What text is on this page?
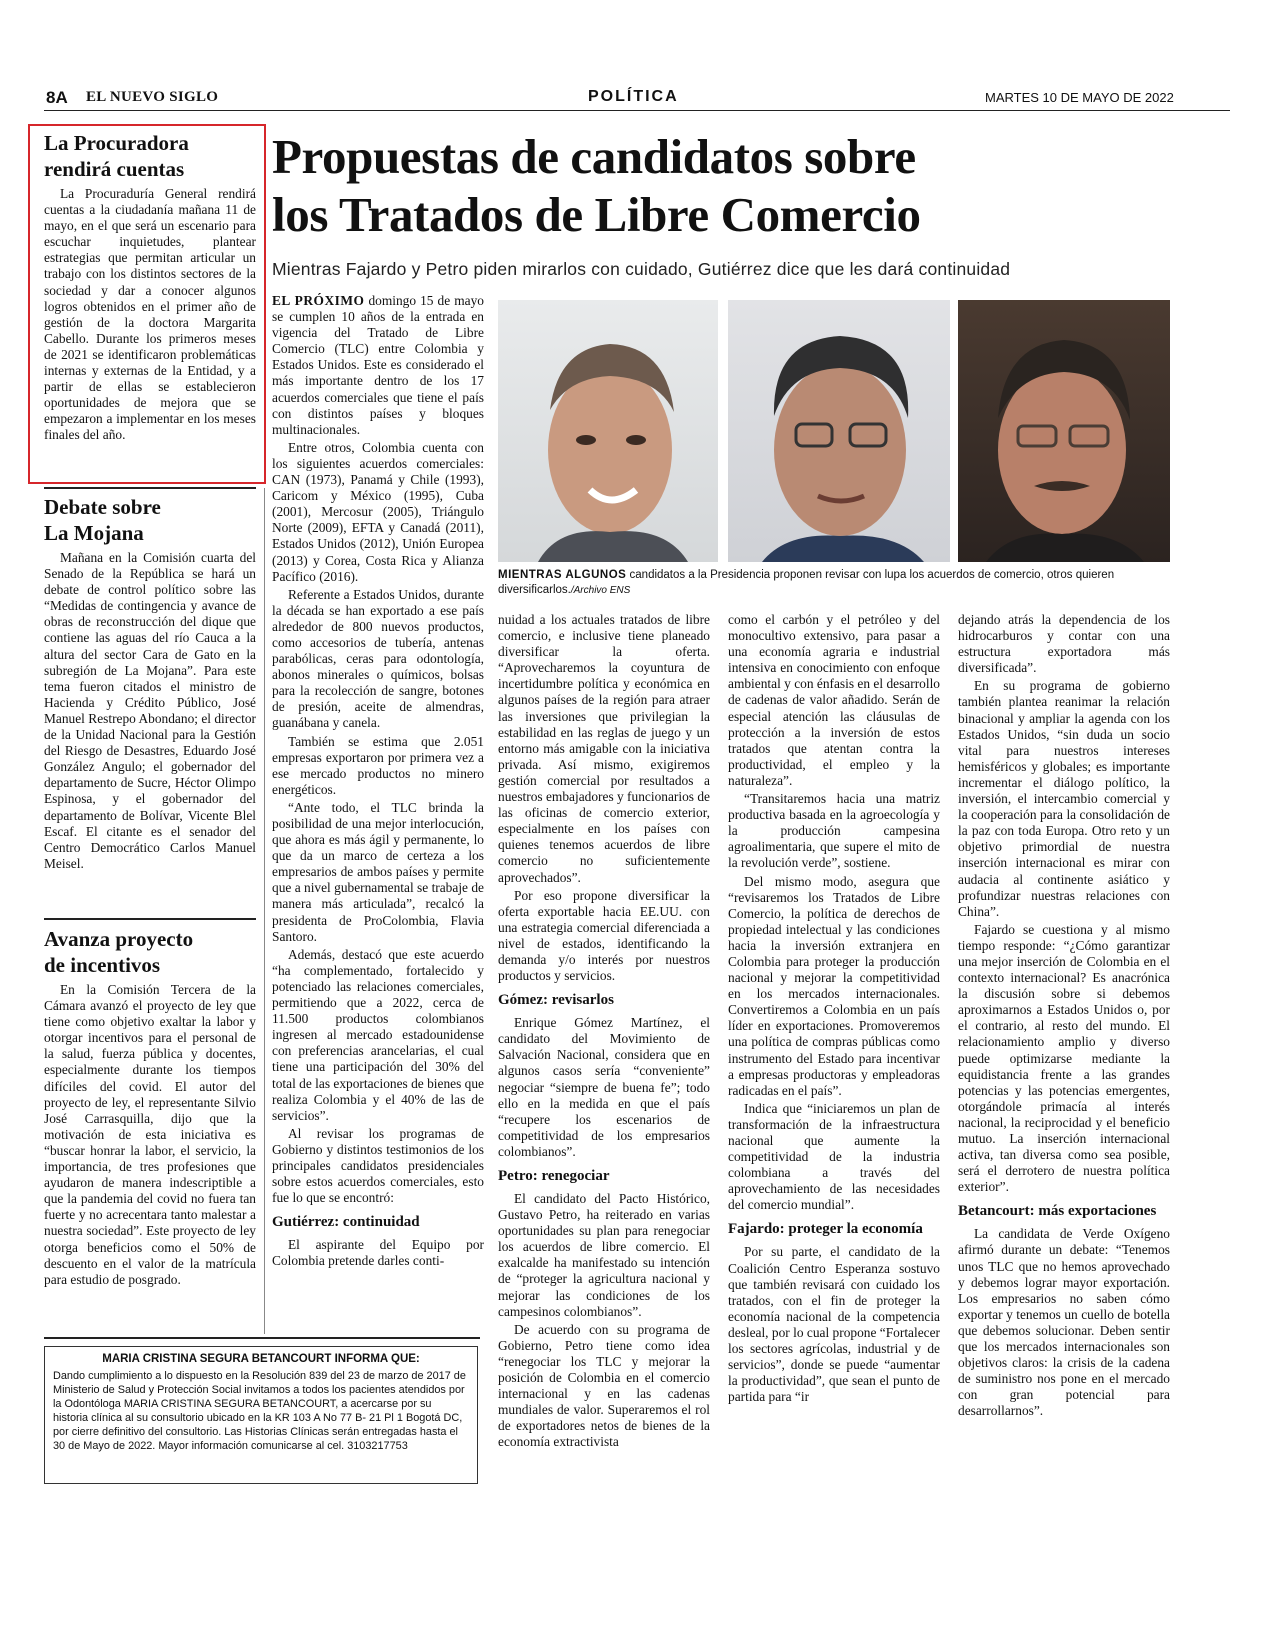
8A EL NUEVO SIGLO	POLÍTICA	MARTES 10 DE MAYO DE 2022
La Procuradora
rendirá cuentas

La Procuraduría General rendirá cuentas a la ciudadanía mañana 11 de mayo, en el que será un escenario para escuchar inquietudes, plantear estrategias que permitan articular un trabajo con los distintos sectores de la sociedad y dar a conocer algunos logros obtenidos en el primer año de gestión de la doctora Margarita Cabello. Durante los primeros meses de 2021 se identificaron problemáticas internas y externas de la Entidad, y a partir de ellas se establecieron oportunidades de mejora que se empezaron a implementar en los meses finales del año.

Debate sobre
La Mojana

Mañana en la Comisión cuarta del Senado de la República se hará un debate de control político sobre las “Medidas de contingencia y avance de obras de reconstrucción del dique que contiene las aguas del río Cauca a la altura del sector Cara de Gato en la subregión de La Mojana”. Para este tema fueron citados el ministro de Hacienda y Crédito Público, José Manuel Restrepo Abondano; el director de la Unidad Nacional para la Gestión del Riesgo de Desastres, Eduardo José González Angulo; el gobernador del departamento de Sucre, Héctor Olimpo Espinosa, y el gobernador del departamento de Bolívar, Vicente Blel Escaf. El citante es el senador del Centro Democrático Carlos Manuel Meisel.

Avanza proyecto
de incentivos

En la Comisión Tercera de la Cámara avanzó el proyecto de ley que tiene como objetivo exaltar la labor y otorgar incentivos para el personal de la salud, fuerza pública y docentes, especialmente durante los tiempos difíciles del covid. El autor del proyecto de ley, el representante Silvio José Carrasquilla, dijo que la motivación de esta iniciativa es “buscar honrar la labor, el servicio, la importancia, de tres profesiones que ayudaron de manera indescriptible a que la pandemia del covid no fuera tan fuerte y no acrecentara tanto malestar a nuestra sociedad”. Este proyecto de ley otorga beneficios como el 50% de descuento en el valor de la matrícula para estudio de posgrado.

MARIA CRISTINA SEGURA BETANCOURT INFORMA QUE:
Dando cumplimiento a lo dispuesto en la Resolución 839 del 23 de marzo de 2017 de Ministerio de Salud y Protección Social invitamos a todos los pacientes atendidos por la Odontóloga MARIA CRISTINA SEGURA BETANCOURT, a acercarse por su historia clínica al su consultorio ubicado en la KR 103 A No 77 B- 21 Pl 1 Bogotá DC, por cierre definitivo del consultorio. Las Historias Clínicas serán entregadas hasta el 30 de Mayo de 2022. Mayor información comunicarse al cel. 3103217753
Propuestas de candidatos sobre
los Tratados de Libre Comercio
Mientras Fajardo y Petro piden mirarlos con cuidado, Gutiérrez dice que les dará continuidad

EL PRÓXIMO domingo 15 de mayo se cumplen 10 años de la entrada en vigencia del Tratado de Libre Comercio (TLC) entre Colombia y Estados Unidos. Este es considerado el más importante dentro de los 17 acuerdos comerciales que tiene el país con distintos países y bloques multinacionales.

Entre otros, Colombia cuenta con los siguientes acuerdos comerciales: CAN (1973), Panamá y Chile (1993), Caricom y México (1995), Cuba (2001), Mercosur (2005), Triángulo Norte (2009), EFTA y Canadá (2011), Estados Unidos (2012), Unión Europea (2013) y Corea, Costa Rica y Alianza Pacífico (2016).

Referente a Estados Unidos, durante la década se han exportado a ese país alrededor de 800 nuevos productos, como accesorios de tubería, antenas parabólicas, ceras para odontología, abonos minerales o químicos, bolsas para la recolección de sangre, botones de presión, aceite de almendras, guanábana y canela.

También se estima que 2.051 empresas exportaron por primera vez a ese mercado productos no minero energéticos.

“Ante todo, el TLC brinda la posibilidad de una mejor interlocución, que ahora es más ágil y permanente, lo que da un marco de certeza a los empresarios de ambos países y permite que a nivel gubernamental se trabaje de manera más articulada”, recalcó la presidenta de ProColombia, Flavia Santoro.

Además, destacó que este acuerdo “ha complementado, fortalecido y potenciado las relaciones comerciales, permitiendo que a 2022, cerca de 11.500 productos colombianos ingresen al mercado estadounidense con preferencias arancelarias, el cual tiene una participación del 30% del total de las exportaciones de bienes que realiza Colombia y el 40% de las de servicios”.

Al revisar los programas de Gobierno y distintos testimonios de los principales candidatos presidenciales sobre estos acuerdos comerciales, esto fue lo que se encontró:

Gutiérrez: continuidad

El aspirante del Equipo por Colombia pretende darles conti-

MIENTRAS ALGUNOS candidatos a la Presidencia proponen revisar con lupa los acuerdos de comercio, otros quieren diversificarlos./Archivo ENS

nuidad a los actuales tratados de libre comercio, e inclusive tiene planeado diversificar la oferta. “Aprovecharemos la coyuntura de incertidumbre política y económica en algunos países de la región para atraer las inversiones que privilegian la estabilidad en las reglas de juego y un entorno más amigable con la iniciativa privada. Así mismo, exigiremos gestión comercial por resultados a nuestros embajadores y funcionarios de las oficinas de comercio exterior, especialmente en los países con quienes tenemos acuerdos de libre comercio no suficientemente aprovechados”.

Por eso propone diversificar la oferta exportable hacia EE.UU. con una estrategia comercial diferenciada a nivel de estados, identificando la demanda y/o interés por nuestros productos y servicios.

Gómez: revisarlos

Enrique Gómez Martínez, el candidato del Movimiento de Salvación Nacional, considera que en algunos casos sería “conveniente” negociar “siempre de buena fe”; todo ello en la medida en que el país “recupere los escenarios de competitividad de los empresarios colombianos”.

Petro: renegociar

El candidato del Pacto Histórico, Gustavo Petro, ha reiterado en varias oportunidades su plan para renegociar los acuerdos de libre comercio. El exalcalde ha manifestado su intención de “proteger la agricultura nacional y mejorar las condiciones de los campesinos colombianos”.

De acuerdo con su programa de Gobierno, Petro tiene como idea “renegociar los TLC y mejorar la posición de Colombia en el comercio internacional y en las cadenas mundiales de valor. Superaremos el rol de exportadores netos de bienes de la economía extractivista

como el carbón y el petróleo y del monocultivo extensivo, para pasar a una economía agraria e industrial intensiva en conocimiento con enfoque ambiental y con énfasis en el desarrollo de cadenas de valor añadido. Serán de especial atención las cláusulas de protección a la inversión de estos tratados que atentan contra la productividad, el empleo y la naturaleza”.

“Transitaremos hacia una matriz productiva basada en la agroecología y la producción campesina agroalimentaria, que supere el mito de la revolución verde”, sostiene.

Del mismo modo, asegura que “revisaremos los Tratados de Libre Comercio, la política de derechos de propiedad intelectual y las condiciones hacia la inversión extranjera en Colombia para proteger la producción nacional y mejorar la competitividad en los mercados internacionales. Convertiremos a Colombia en un país líder en exportaciones. Promoveremos una política de compras públicas como instrumento del Estado para incentivar a empresas productoras y empleadoras radicadas en el país”.

Indica que “iniciaremos un plan de transformación de la infraestructura nacional que aumente la competitividad de la industria colombiana a través del aprovechamiento de las necesidades del comercio mundial”.

Fajardo: proteger la economía

Por su parte, el candidato de la Coalición Centro Esperanza sostuvo que también revisará con cuidado los tratados, con el fin de proteger la economía nacional de la competencia desleal, por lo cual propone “Fortalecer los sectores agrícolas, industrial y de servicios”, donde se puede “aumentar la productividad”, que sean el punto de partida para “ir

dejando atrás la dependencia de los hidrocarburos y contar con una estructura exportadora más diversificada”.

En su programa de gobierno también plantea reanimar la relación binacional y ampliar la agenda con los Estados Unidos, “sin duda un socio vital para nuestros intereses hemisféricos y globales; es importante incrementar el diálogo político, la inversión, el intercambio comercial y la cooperación para la consolidación de la paz con toda Europa. Otro reto y un objetivo primordial de nuestra inserción internacional es mirar con audacia al continente asiático y profundizar nuestras relaciones con China”.

Fajardo se cuestiona y al mismo tiempo responde: “¿Cómo garantizar una mejor inserción de Colombia en el contexto internacional? Es anacrónica la discusión sobre si debemos aproximarnos a Estados Unidos o, por el contrario, al resto del mundo. El relacionamiento amplio y diverso puede optimizarse mediante la equidistancia frente a las grandes potencias y las potencias emergentes, otorgándole primacía al interés nacional, la reciprocidad y el beneficio mutuo. La inserción internacional activa, tan diversa como sea posible, será el derrotero de nuestra política exterior”.

Betancourt: más exportaciones

La candidata de Verde Oxígeno afirmó durante un debate: “Tenemos unos TLC que no hemos aprovechado y debemos lograr mayor exportación. Los empresarios no saben cómo exportar y tenemos un cuello de botella que debemos solucionar. Deben sentir que los mercados internacionales son objetivos claros: la crisis de la cadena de suministro nos pone en el mercado con gran potencial para desarrollarnos”.
